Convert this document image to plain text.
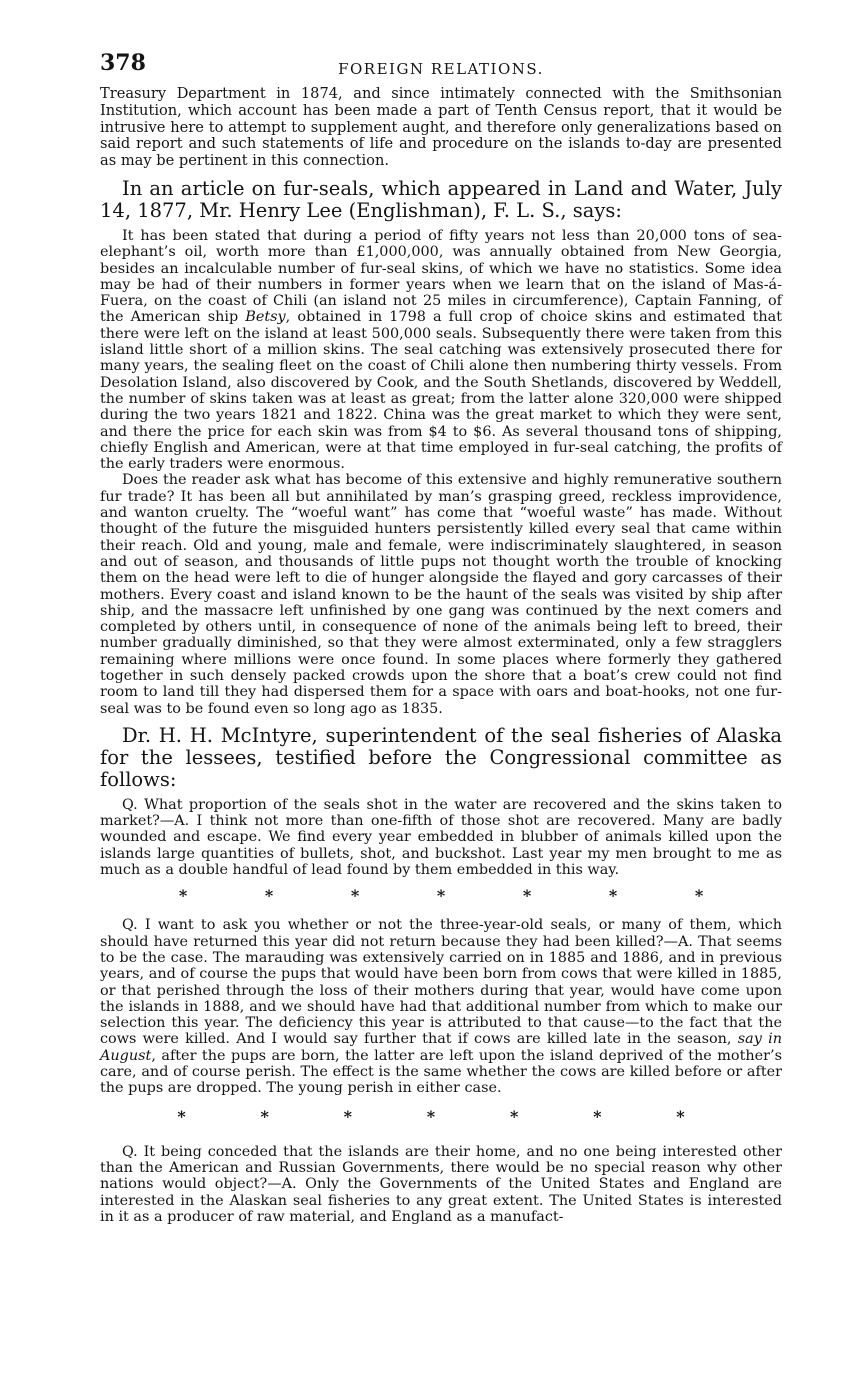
378	FOREIGN RELATIONS.

Treasury Department in 1874, and since intimately connected with the Smithsonian Institution, which account has been made a part of Tenth Census report, that it would be intrusive here to attempt to supplement aught, and therefore only generalizations based on said report and such statements of life and procedure on the islands to-day are presented as may be pertinent in this connection.

In an article on fur-seals, which appeared in Land and Water, July 14, 1877, Mr. Henry Lee (Englishman), F. L. S., says:

It has been stated that during a period of fifty years not less than 20,000 tons of sea-elephant’s oil, worth more than £1,000,000, was annually obtained from New Georgia, besides an incalculable number of fur-seal skins, of which we have no statistics. Some idea may be had of their numbers in former years when we learn that on the island of Mas-á-Fuera, on the coast of Chili (an island not 25 miles in circumference), Captain Fanning, of the American ship Betsy, obtained in 1798 a full crop of choice skins and estimated that there were left on the island at least 500,000 seals. Subsequently there were taken from this island little short of a million skins. The seal catching was extensively prosecuted there for many years, the sealing fleet on the coast of Chili alone then numbering thirty vessels. From Desolation Island, also discovered by Cook, and the South Shetlands, discovered by Weddell, the number of skins taken was at least as great; from the latter alone 320,000 were shipped during the two years 1821 and 1822. China was the great market to which they were sent, and there the price for each skin was from $4 to $6. As several thousand tons of shipping, chiefly English and American, were at that time employed in fur-seal catching, the profits of the early traders were enormous.

Does the reader ask what has become of this extensive and highly remunerative southern fur trade? It has been all but annihilated by man’s grasping greed, reckless improvidence, and wanton cruelty. The “woeful want” has come that “woeful waste” has made. Without thought of the future the misguided hunters persistently killed every seal that came within their reach. Old and young, male and female, were indiscriminately slaughtered, in season and out of season, and thousands of little pups not thought worth the trouble of knocking them on the head were left to die of hunger alongside the flayed and gory carcasses of their mothers. Every coast and island known to be the haunt of the seals was visited by ship after ship, and the massacre left unfinished by one gang was continued by the next comers and completed by others until, in consequence of none of the animals being left to breed, their number gradually diminished, so that they were almost exterminated, only a few stragglers remaining where millions were once found. In some places where formerly they gathered together in such densely packed crowds upon the shore that a boat’s crew could not find room to land till they had dispersed them for a space with oars and boat-hooks, not one fur-seal was to be found even so long ago as 1835.

Dr. H. H. McIntyre, superintendent of the seal fisheries of Alaska for the lessees, testified before the Congressional committee as follows:

Q. What proportion of the seals shot in the water are recovered and the skins taken to market?—A. I think not more than one-fifth of those shot are recovered. Many are badly wounded and escape. We find every year embedded in blubber of animals killed upon the islands large quantities of bullets, shot, and buckshot. Last year my men brought to me as much as a double handful of lead found by them embedded in this way.

*	*	*	*	*	*	*

Q. I want to ask you whether or not the three-year-old seals, or many of them, which should have returned this year did not return because they had been killed?—A. That seems to be the case. The marauding was extensively carried on in 1885 and 1886, and in previous years, and of course the pups that would have been born from cows that were killed in 1885, or that perished through the loss of their mothers during that year, would have come upon the islands in 1888, and we should have had that additional number from which to make our selection this year. The deficiency this year is attributed to that cause—to the fact that the cows were killed. And I would say further that if cows are killed late in the season, say in August, after the pups are born, the latter are left upon the island deprived of the mother’s care, and of course perish. The effect is the same whether the cows are killed before or after the pups are dropped. The young perish in either case.

*	*	*	*	*	*	*

Q. It being conceded that the islands are their home, and no one being interested other than the American and Russian Governments, there would be no special reason why other nations would object?—A. Only the Governments of the United States and England are interested in the Alaskan seal fisheries to any great extent. The United States is interested in it as a producer of raw material, and England as a manufact-
